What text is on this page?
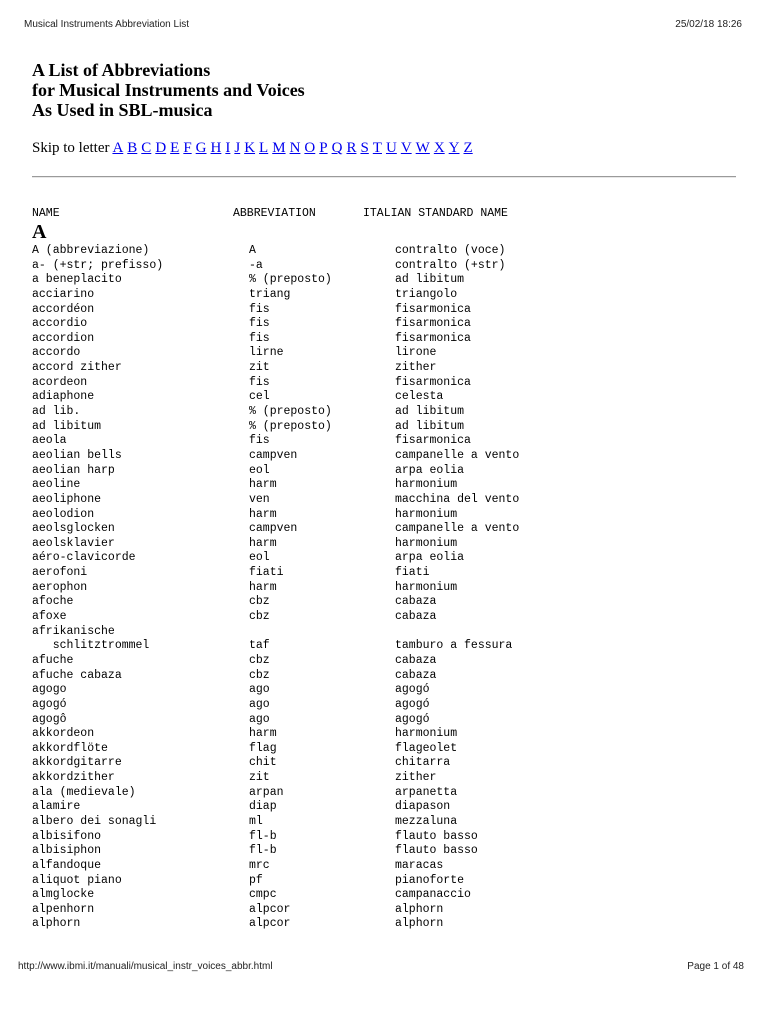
Musical Instruments Abbreviation List	25/02/18 18:26
A List of Abbreviations
for Musical Instruments and Voices
As Used in SBL-musica
Skip to letter A B C D E F G H I J K L M N O P Q R S T U V W X Y Z
NAME	ABBREVIATION	ITALIAN STANDARD NAME
A
A (abbreviazione)	A	contralto (voce)
a- (+str; prefisso)	-a	contralto (+str)
a beneplacito	% (preposto)	ad libitum
acciarino	triang	triangolo
accordéon	fis	fisarmonica
accordio	fis	fisarmonica
accordion	fis	fisarmonica
accordo	lirne	lirone
accord zither	zit	zither
acordeon	fis	fisarmonica
adiaphone	cel	celesta
ad lib.	% (preposto)	ad libitum
ad libitum	% (preposto)	ad libitum
aeola	fis	fisarmonica
aeolian bells	campven	campanelle a vento
aeolian harp	eol	arpa eolia
aeoline	harm	harmonium
aeoliphone	ven	macchina del vento
aeolodion	harm	harmonium
aeolsglocken	campven	campanelle a vento
aeolsklavier	harm	harmonium
aéro-clavicorde	eol	arpa eolia
aerofoni	fiati	fiati
aerophon	harm	harmonium
afoche	cbz	cabaza
afoxe	cbz	cabaza
afrikanische
schlitztrommel	taf	tamburo a fessura
afuche	cbz	cabaza
afuche cabaza	cbz	cabaza
agogo	ago	agogó
agogó	ago	agogó
agogô	ago	agogó
akkordeon	harm	harmonium
akkordflöte	flag	flageolet
akkordgitarre	chit	chitarra
akkordzither	zit	zither
ala (medievale)	arpan	arpanetta
alamire	diap	diapason
albero dei sonagli	ml	mezzaluna
albisifono	fl-b	flauto basso
albisiphon	fl-b	flauto basso
alfandoque	mrc	maracas
aliquot piano	pf	pianoforte
almglocke	cmpc	campanaccio
alpenhorn	alpcor	alphorn
alphorn	alpcor	alphorn
http://www.ibmi.it/manuali/musical_instr_voices_abbr.html	Page 1 of 48
